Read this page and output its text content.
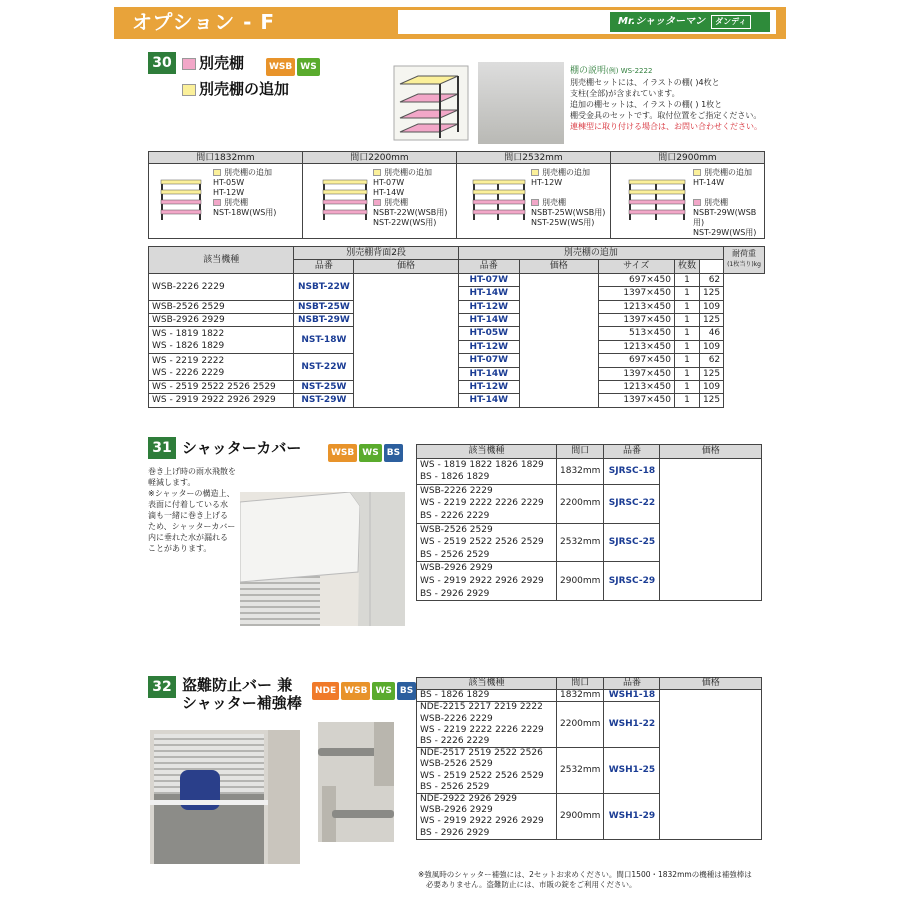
オプション - F	Mr.シャッターマン ダンディ
30	別売棚	WSB WS
別売棚の追加
棚の説明(例) WS-2222
別売棚セットには、イラストの棚( )4枚と
支柱(全部)が含まれています。
追加の棚セットは、イラストの棚( ) 1枚と
棚受金具のセットです。取付位置をご指定ください。
連棟型に取り付ける場合は、お問い合わせください。
間口1832mm
別売棚の追加
HT-05W
HT-12W
別売棚
NST-18W(WS用)
間口2200mm
別売棚の追加
HT-07W
HT-14W
別売棚
NSBT-22W(WSB用)
NST-22W(WS用)
間口2532mm
別売棚の追加
HT-12W
別売棚
NSBT-25W(WSB用)
NST-25W(WS用)
間口2900mm
別売棚の追加
HT-14W
別売棚
NSBT-29W(WSB用)
NST-29W(WS用)
該当機種	別売棚背面2段		別売棚の追加					耐荷重
(1枚当り)kg
	品番	価格	品番	価格	サイズ	枚数		

WSB-2226 2229	NSBT-22W		HT-07W		697×450	1	62	
			HT-14W		1397×450	1	125	

WSB-2526 2529	NSBT-25W		HT-12W		1213×450	1	109	

WSB-2926 2929	NSBT-29W		HT-14W		1397×450	1	125	

WS - 1819 1822
WS - 1826 1829	NST-18W		HT-05W		513×450	1	46	
			HT-12W		1213×450	1	109	

WS - 2219 2222
WS - 2226 2229	NST-22W		HT-07W		697×450	1	62	
			HT-14W		1397×450	1	125	

WS - 2519 2522 2526 2529	NST-25W		HT-12W		1213×450	1	109	

WS - 2919 2922 2926 2929	NST-29W		HT-14W		1397×450	1	125	
31 シャッターカバー	WSB WS BS
巻き上げ時の雨水飛散を
軽減します。
※シャッターの構造上、
表面に付着している水
滴も一緒に巻き上げる
ため、シャッターカバー
内に垂れた水が漏れる
ことがあります。
該当機種	間口	品番	価格

WS - 1819 1822 1826 1829
BS - 1826 1829	1832mm	SJRSC-18	

WSB-2226 2229
WS - 2219 2222 2226 2229
BS - 2226 2229	2200mm	SJRSC-22	

WSB-2526 2529
WS - 2519 2522 2526 2529
BS - 2526 2529	2532mm	SJRSC-25	

WSB-2926 2929
WS - 2919 2922 2926 2929
BS - 2926 2929	2900mm	SJRSC-29	
32 盗難防止バー 兼
シャッター補強棒
NDE WSB WS BS
該当機種	間口	品番	価格

BS - 1826 1829	1832mm	WSH1-18	

NDE-2215 2217 2219 2222
WSB-2226 2229
WS - 2219 2222 2226 2229
BS - 2226 2229	2200mm	WSH1-22	

NDE-2517 2519 2522 2526
WSB-2526 2529
WS - 2519 2522 2526 2529
BS - 2526 2529	2532mm	WSH1-25	

NDE-2922 2926 2929
WSB-2926 2929
WS - 2919 2922 2926 2929
BS - 2926 2929	2900mm	WSH1-29	
※強風時のシャッター補強には、2セットお求めください。間口1500・1832mmの機種は補強棒は
必要ありません。盗難防止には、市販の錠をご利用ください。
